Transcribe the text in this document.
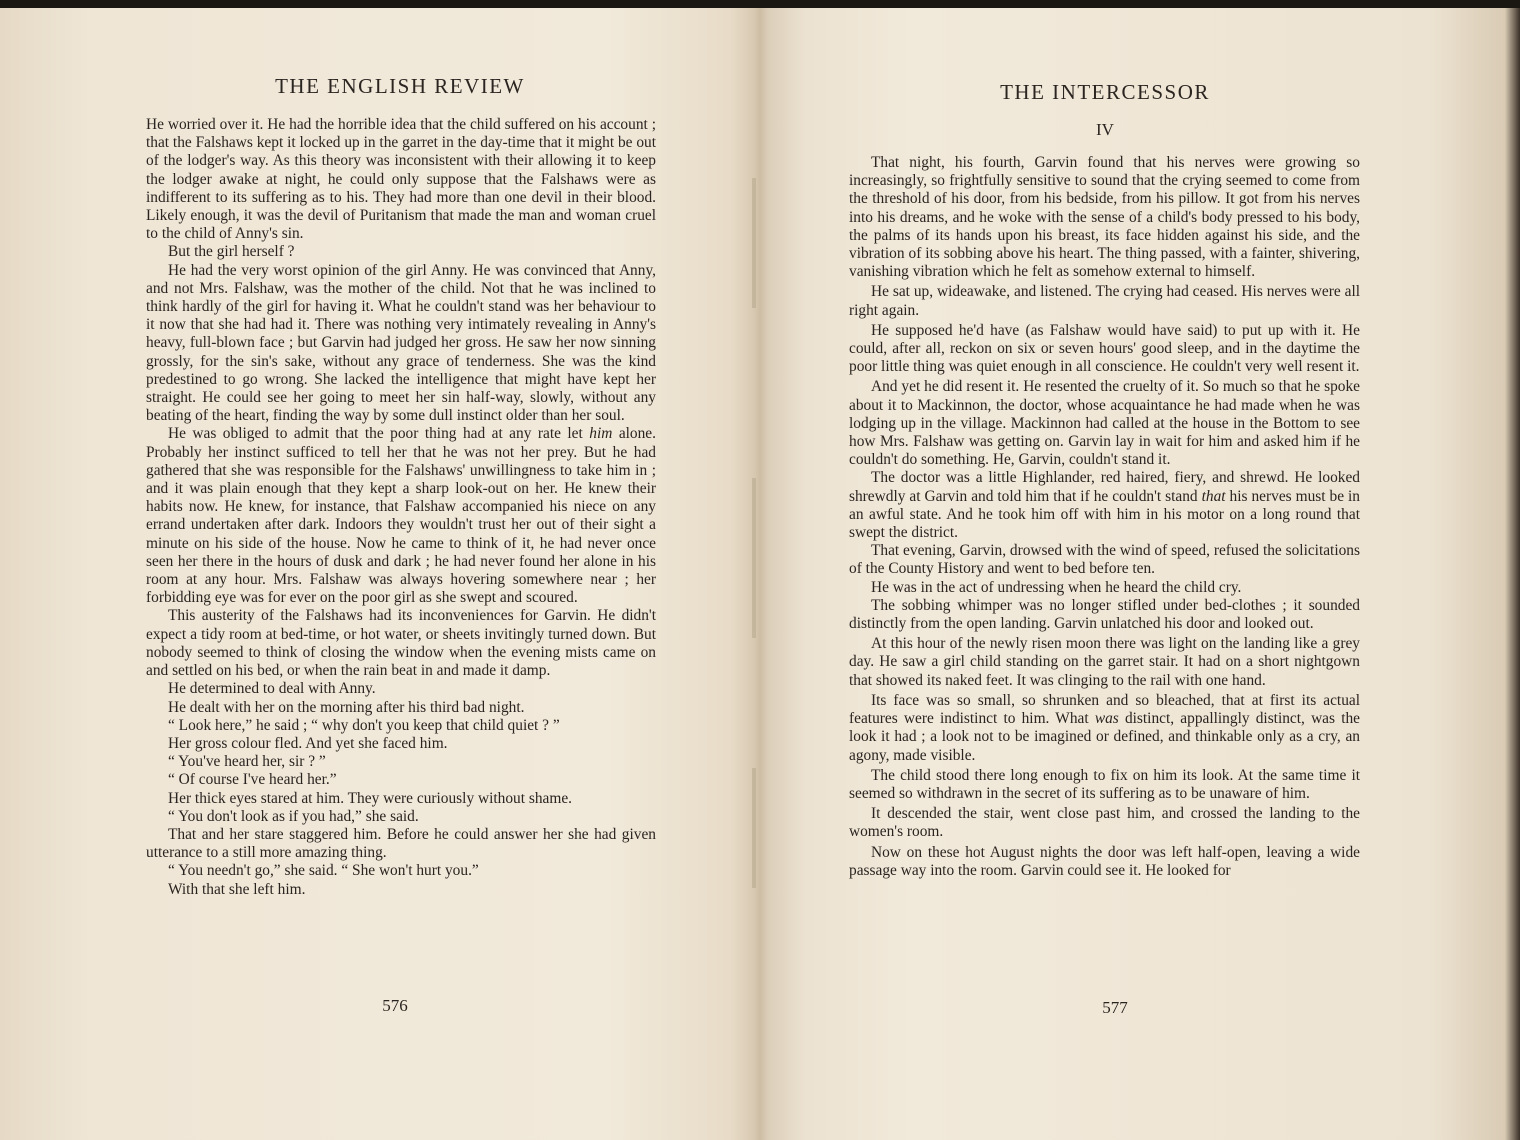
THE ENGLISH REVIEW

He worried over it. He had the horrible idea that the child suffered on his account ; that the Falshaws kept it locked up in the garret in the day-time that it might be out of the lodger's way. As this theory was inconsistent with their allowing it to keep the lodger awake at night, he could only suppose that the Falshaws were as indifferent to its suffering as to his. They had more than one devil in their blood. Likely enough, it was the devil of Puritanism that made the man and woman cruel to the child of Anny's sin.

But the girl herself ?

He had the very worst opinion of the girl Anny. He was convinced that Anny, and not Mrs. Falshaw, was the mother of the child. Not that he was inclined to think hardly of the girl for having it. What he couldn't stand was her behaviour to it now that she had had it. There was nothing very intimately revealing in Anny's heavy, full-blown face ; but Garvin had judged her gross. He saw her now sinning grossly, for the sin's sake, without any grace of tenderness. She was the kind predestined to go wrong. She lacked the intelligence that might have kept her straight. He could see her going to meet her sin half-way, slowly, without any beating of the heart, finding the way by some dull instinct older than her soul.

He was obliged to admit that the poor thing had at any rate let him alone. Probably her instinct sufficed to tell her that he was not her prey. But he had gathered that she was responsible for the Falshaws' unwillingness to take him in ; and it was plain enough that they kept a sharp look-out on her. He knew their habits now. He knew, for instance, that Falshaw accompanied his niece on any errand undertaken after dark. Indoors they wouldn't trust her out of their sight a minute on his side of the house. Now he came to think of it, he had never once seen her there in the hours of dusk and dark ; he had never found her alone in his room at any hour. Mrs. Falshaw was always hovering somewhere near ; her forbidding eye was for ever on the poor girl as she swept and scoured.

This austerity of the Falshaws had its inconveniences for Garvin. He didn't expect a tidy room at bed-time, or hot water, or sheets invitingly turned down. But nobody seemed to think of closing the window when the evening mists came on and settled on his bed, or when the rain beat in and made it damp.

He determined to deal with Anny.

He dealt with her on the morning after his third bad night.

“ Look here,” he said ; “ why don't you keep that child quiet ? ”

Her gross colour fled. And yet she faced him.

“ You've heard her, sir ? ”

“ Of course I've heard her.”

Her thick eyes stared at him. They were curiously without shame.

“ You don't look as if you had,” she said.

That and her stare staggered him. Before he could answer her she had given utterance to a still more amazing thing.

“ You needn't go,” she said. “ She won't hurt you.”

With that she left him.

576
THE INTERCESSOR
IV

That night, his fourth, Garvin found that his nerves were growing so increasingly, so frightfully sensitive to sound that the crying seemed to come from the threshold of his door, from his bedside, from his pillow. It got from his nerves into his dreams, and he woke with the sense of a child's body pressed to his body, the palms of its hands upon his breast, its face hidden against his side, and the vibration of its sobbing above his heart. The thing passed, with a fainter, shivering, vanishing vibration which he felt as somehow external to himself.

He sat up, wideawake, and listened. The crying had ceased. His nerves were all right again.

He supposed he'd have (as Falshaw would have said) to put up with it. He could, after all, reckon on six or seven hours' good sleep, and in the daytime the poor little thing was quiet enough in all conscience. He couldn't very well resent it.

And yet he did resent it. He resented the cruelty of it. So much so that he spoke about it to Mackinnon, the doctor, whose acquaintance he had made when he was lodging up in the village. Mackinnon had called at the house in the Bottom to see how Mrs. Falshaw was getting on. Garvin lay in wait for him and asked him if he couldn't do something. He, Garvin, couldn't stand it.

The doctor was a little Highlander, red haired, fiery, and shrewd. He looked shrewdly at Garvin and told him that if he couldn't stand that his nerves must be in an awful state. And he took him off with him in his motor on a long round that swept the district.

That evening, Garvin, drowsed with the wind of speed, refused the solicitations of the County History and went to bed before ten.

He was in the act of undressing when he heard the child cry.

The sobbing whimper was no longer stifled under bed-clothes ; it sounded distinctly from the open landing. Garvin unlatched his door and looked out.

At this hour of the newly risen moon there was light on the landing like a grey day. He saw a girl child standing on the garret stair. It had on a short nightgown that showed its naked feet. It was clinging to the rail with one hand.

Its face was so small, so shrunken and so bleached, that at first its actual features were indistinct to him. What was distinct, appallingly distinct, was the look it had ; a look not to be imagined or defined, and thinkable only as a cry, an agony, made visible.

The child stood there long enough to fix on him its look. At the same time it seemed so withdrawn in the secret of its suffering as to be unaware of him.

It descended the stair, went close past him, and crossed the landing to the women's room.

Now on these hot August nights the door was left half-open, leaving a wide passage way into the room. Garvin could see it. He looked for

577
